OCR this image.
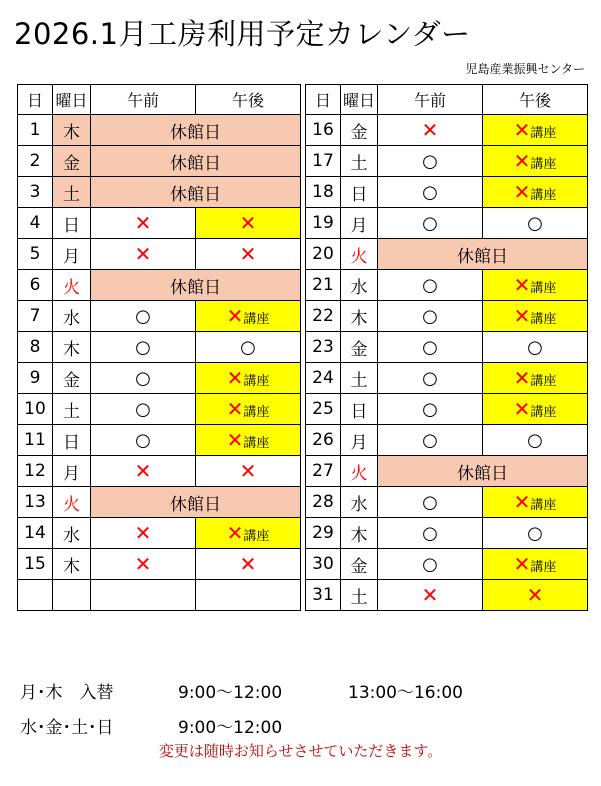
2026.1月工房利用予定カレンダー
児島産業振興センター
日	曜日	午前	午後
1	木	休館日	
2	金	休館日	
3	土	休館日	
4	日	✕	✕
5	月	✕	✕
6	火	休館日	
7	水	○	✕講座
8	木	○	○
9	金	○	✕講座
10	土	○	✕講座
11	日	○	✕講座
12	月	✕	✕
13	火	休館日	
14	水	✕	✕講座
15	木	✕	✕

日	曜日	午前	午後
16	金	✕	✕講座
17	土	○	✕講座
18	日	○	✕講座
19	月	○	○
20	火	休館日	
21	水	○	✕講座
22	木	○	✕講座
23	金	○	○
24	土	○	✕講座
25	日	○	✕講座
26	月	○	○
27	火	休館日	
28	水	○	✕講座
29	木	○	○
30	金	○	✕講座
31	土	✕	✕
月･木　入替	9:00～12:00	13:00～16:00
水･金･土･日	9:00～12:00
変更は随時お知らせさせていただきます。
